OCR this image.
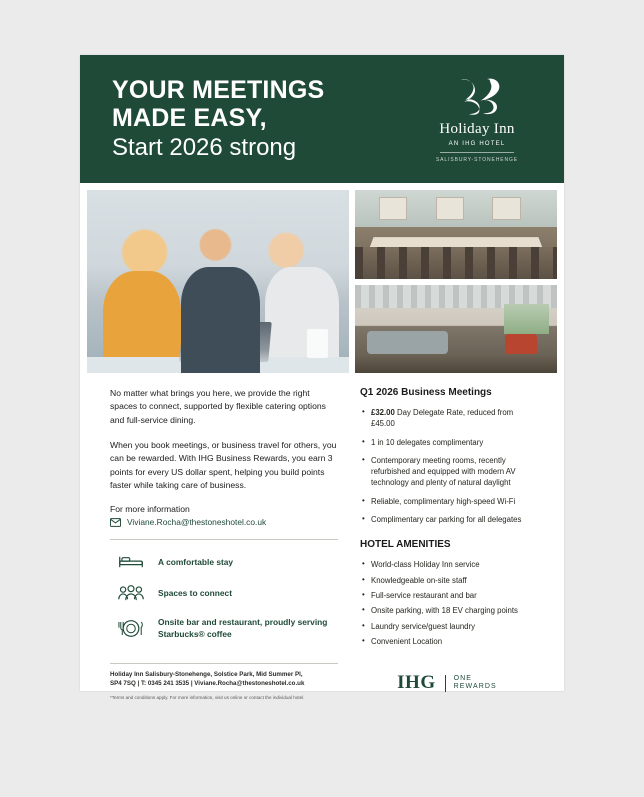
YOUR MEETINGS
MADE EASY,
Start 2026 strong
Holiday Inn
AN IHG HOTEL
SALISBURY-STONEHENGE

No matter what brings you here, we provide the right spaces to connect, supported by flexible catering options and full-service dining.

When you book meetings, or business travel for others, you can be rewarded. With IHG Business Rewards, you earn 3 points for every US dollar spent, helping you build points faster while taking care of business.

For more information

Viviane.Rocha@thestoneshotel.co.uk
A comfortable stay
Spaces to connect
Onsite bar and restaurant, proudly serving Starbucks® coffee
Q1 2026 Business Meetings
• £32.00 Day Delegate Rate, reduced from £45.00
• 1 in 10 delegates complimentary
• Contemporary meeting rooms, recently refurbished and equipped with modern AV technology and plenty of natural daylight
• Reliable, complimentary high-speed Wi-Fi
• Complimentary car parking for all delegates
HOTEL AMENITIES
• World-class Holiday Inn service
• Knowledgeable on-site staff
• Full-service restaurant and bar
• Onsite parking, with 18 EV charging points
• Laundry service/guest laundry
• Convenient Location
Holiday Inn Salisbury-Stonehenge, Solstice Park, Mid Summer Pl,
SP4 7SQ | T: 0345 241 3535 | Viviane.Rocha@thestoneshotel.co.uk
*Terms and conditions apply. For more information, visit us online or contact the individual hotel.
IHG	ONE
REWARDS
